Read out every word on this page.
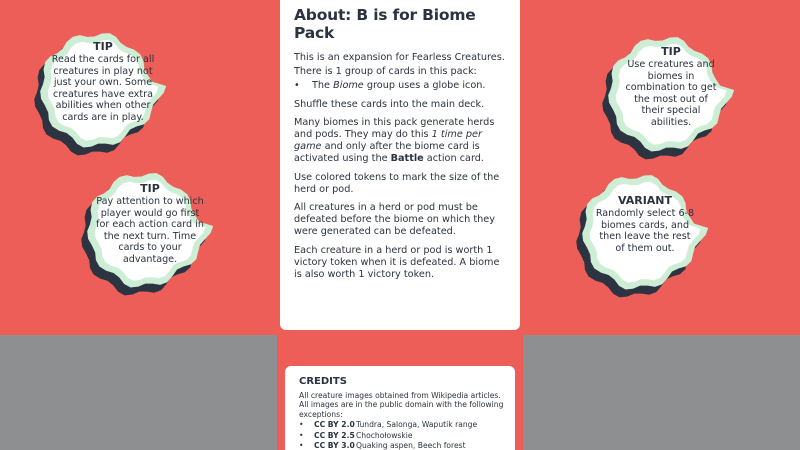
About: B is for Biome Pack

This is an expansion for Fearless Creatures.

There is 1 group of cards in this pack:

•	The Biome group uses a globe icon.

Shuffle these cards into the main deck.

Many biomes in this pack generate herds and pods. They may do this 1 time per game and only after the biome card is activated using the Battle action card.

Use colored tokens to mark the size of the herd or pod.

All creatures in a herd or pod must be defeated before the biome on which they were generated can be defeated.

Each creature in a herd or pod is worth 1 victory token when it is defeated. A biome is also worth 1 victory token.

CREDITS
All creature images obtained from Wikipedia articles. All images are in the public domain with the following exceptions:
•	CC BY 2.0 Tundra, Salonga, Waputik range
•	CC BY 2.5 Chochołowskie
•	CC BY 3.0 Quaking aspen, Beech forest
TIP
Read the cards for all creatures in play not just your own. Some creatures have extra abilities when other cards are in play.
TIP
Pay attention to which player would go first for each action card in the next turn. Time cards to your advantage.
TIP
Use creatures and biomes in combination to get the most out of their special abilities.
VARIANT
Randomly select 6-8 biomes cards, and then leave the rest of them out.
